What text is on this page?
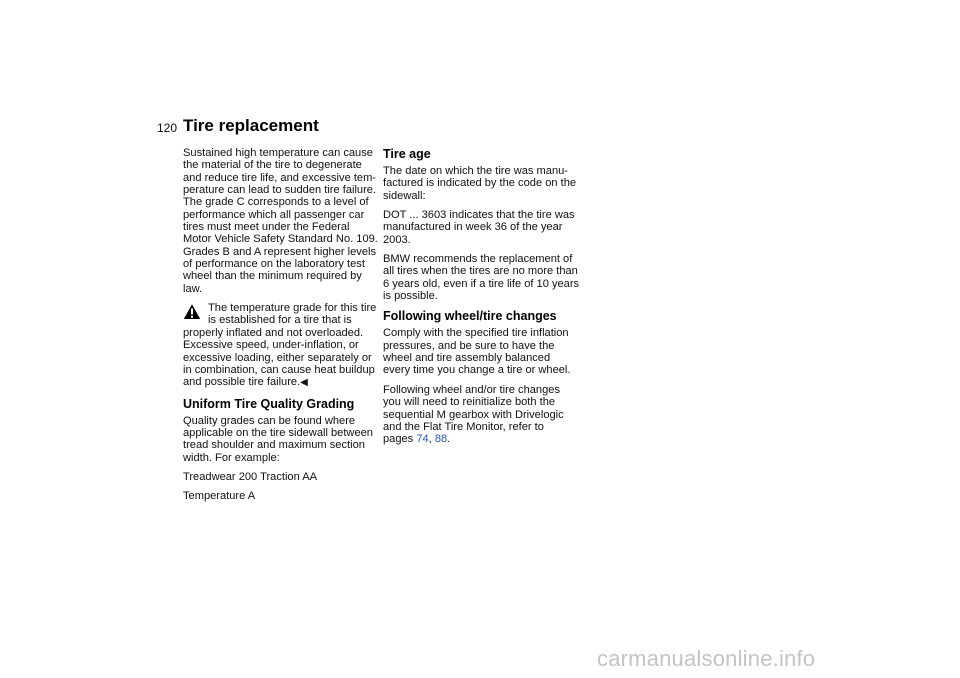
120 Tire replacement

Sustained high temperature can cause
the material of the tire to degenerate
and reduce tire life, and excessive tem-
perature can lead to sudden tire failure.
The grade C corresponds to a level of
performance which all passenger car
tires must meet under the Federal
Motor Vehicle Safety Standard No. 109.
Grades B and A represent higher levels
of performance on the laboratory test
wheel than the minimum required by
law.

The temperature grade for this tire
is established for a tire that is
properly inflated and not overloaded.
Excessive speed, under-inflation, or
excessive loading, either separately or
in combination, can cause heat buildup
and possible tire failure.◀
Uniform Tire Quality Grading

Quality grades can be found where
applicable on the tire sidewall between
tread shoulder and maximum section
width. For example:

Treadwear 200 Traction AA

Temperature A

Tire age

The date on which the tire was manu-
factured is indicated by the code on the
sidewall:

DOT ... 3603 indicates that the tire was
manufactured in week 36 of the year
2003.

BMW recommends the replacement of
all tires when the tires are no more than
6 years old, even if a tire life of 10 years
is possible.

Following wheel/tire changes

Comply with the specified tire inflation
pressures, and be sure to have the
wheel and tire assembly balanced
every time you change a tire or wheel.

Following wheel and/or tire changes
you will need to reinitialize both the
sequential M gearbox with Drivelogic
and the Flat Tire Monitor, refer to
pages 74, 88.

carmanualsonline.info
